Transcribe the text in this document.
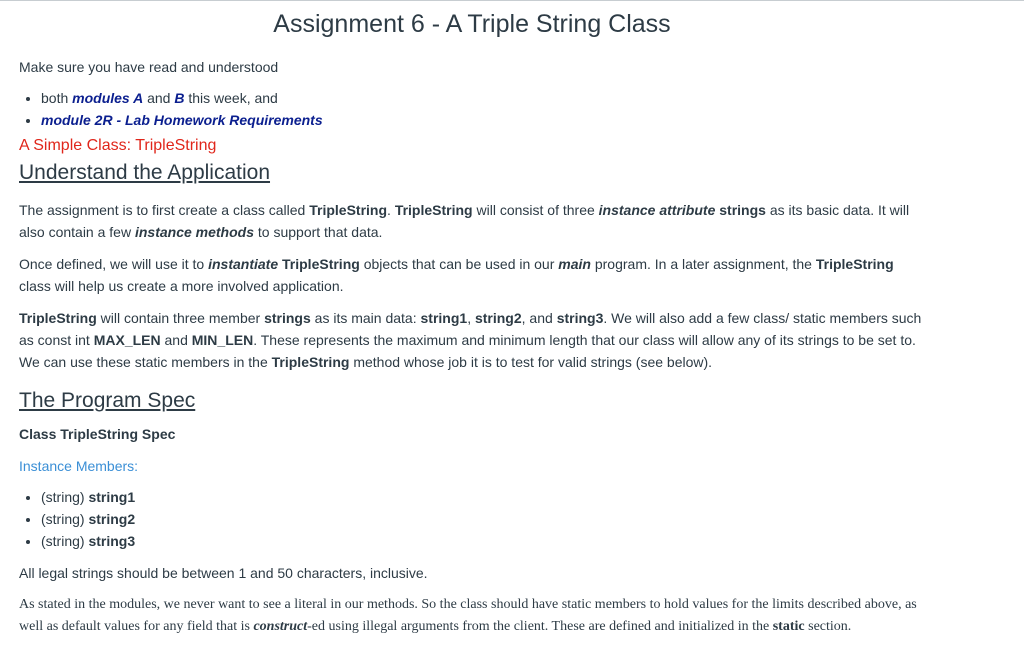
Assignment 6 - A Triple String Class

Make sure you have read and understood

• both modules A and B this week, and
• module 2R - Lab Homework Requirements
A Simple Class: TripleString
Understand the Application

The assignment is to first create a class called TripleString. TripleString will consist of three instance attribute strings as its basic data. It will also contain a few instance methods to support that data.

Once defined, we will use it to instantiate TripleString objects that can be used in our main program. In a later assignment, the TripleString class will help us create a more involved application.

TripleString will contain three member strings as its main data: string1, string2, and string3. We will also add a few class/ static members such as const int MAX_LEN and MIN_LEN. These represents the maximum and minimum length that our class will allow any of its strings to be set to. We can use these static members in the TripleString method whose job it is to test for valid strings (see below).

The Program Spec

Class TripleString Spec

Instance Members:

• (string) string1
• (string) string2
• (string) string3

All legal strings should be between 1 and 50 characters, inclusive.

As stated in the modules, we never want to see a literal in our methods. So the class should have static members to hold values for the limits described above, as well as default values for any field that is construct-ed using illegal arguments from the client. These are defined and initialized in the static section.
